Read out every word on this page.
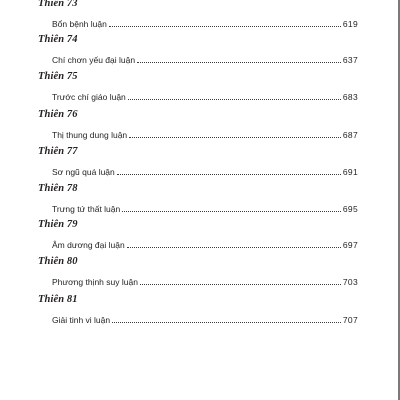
Thiên 73
Bổn bệnh luận	619
Thiên 74
Chí chơn yếu đại luận	637
Thiên 75
Trước chí giáo luận	683
Thiên 76
Thị thung dung luận	687
Thiên 77
Sơ ngũ quá luận	691
Thiên 78
Trưng tứ thất luận	695
Thiên 79
Âm dương đại luận	697
Thiên 80
Phương thịnh suy luận	703
Thiên 81
Giải tinh vi luận	707
